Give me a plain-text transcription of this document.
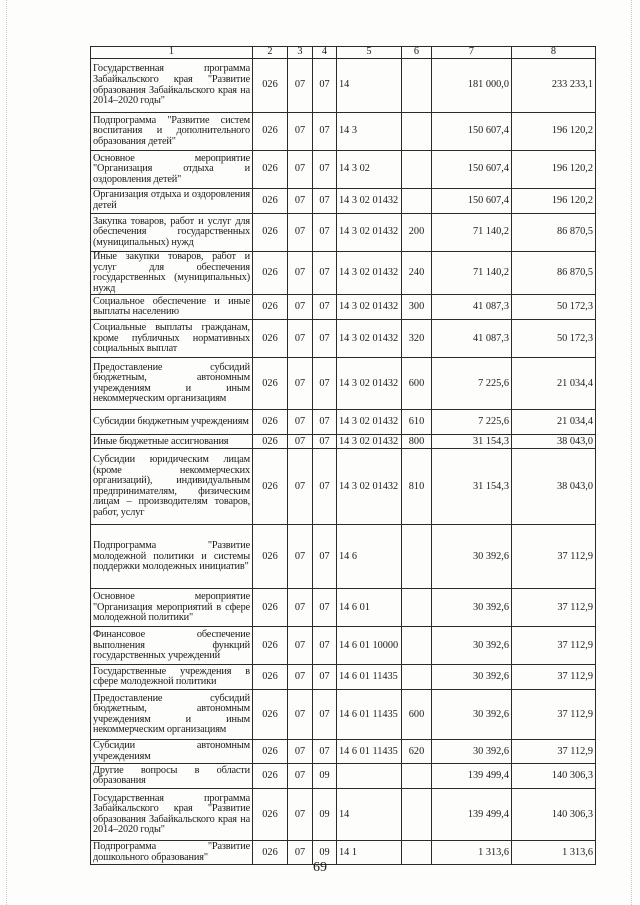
1	2	3	4	5	6	7	8
Государственная программа Забайкальского края "Развитие образования Забайкальского края на 2014–2020 годы"	026	07	07	14		181 000,0	233 233,1
Подпрограмма "Развитие систем воспитания и дополнительного образования детей"	026	07	07	14 3		150 607,4	196 120,2
Основное мероприятие "Организация отдыха и оздоровления детей"	026	07	07	14 3 02		150 607,4	196 120,2
Организация отдыха и оздоровления детей	026	07	07	14 3 02 01432		150 607,4	196 120,2
Закупка товаров, работ и услуг для обеспечения государственных (муниципальных) нужд	026	07	07	14 3 02 01432	200	71 140,2	86 870,5
Иные закупки товаров, работ и услуг для обеспечения государственных (муниципальных) нужд	026	07	07	14 3 02 01432	240	71 140,2	86 870,5
Социальное обеспечение и иные выплаты населению	026	07	07	14 3 02 01432	300	41 087,3	50 172,3
Социальные выплаты гражданам, кроме публичных нормативных социальных выплат	026	07	07	14 3 02 01432	320	41 087,3	50 172,3
Предоставление субсидий бюджетным, автономным учреждениям и иным некоммерческим организациям	026	07	07	14 3 02 01432	600	7 225,6	21 034,4
Субсидии бюджетным учреждениям	026	07	07	14 3 02 01432	610	7 225,6	21 034,4
Иные бюджетные ассигнования	026	07	07	14 3 02 01432	800	31 154,3	38 043,0
Субсидии юридическим лицам (кроме некоммерческих организаций), индивидуальным предпринимателям, физическим лицам – производителям товаров, работ, услуг	026	07	07	14 3 02 01432	810	31 154,3	38 043,0
Подпрограмма "Развитие молодежной политики и системы поддержки молодежных инициатив"	026	07	07	14 6		30 392,6	37 112,9
Основное мероприятие "Организация мероприятий в сфере молодежной политики"	026	07	07	14 6 01		30 392,6	37 112,9
Финансовое обеспечение выполнения функций государственных учреждений	026	07	07	14 6 01 10000		30 392,6	37 112,9
Государственные учреждения в сфере молодежной политики	026	07	07	14 6 01 11435		30 392,6	37 112,9
Предоставление субсидий бюджетным, автономным учреждениям и иным некоммерческим организациям	026	07	07	14 6 01 11435	600	30 392,6	37 112,9
Субсидии автономным учреждениям	026	07	07	14 6 01 11435	620	30 392,6	37 112,9
Другие вопросы в области образования	026	07	09			139 499,4	140 306,3
Государственная программа Забайкальского края "Развитие образования Забайкальского края на 2014–2020 годы"	026	07	09	14		139 499,4	140 306,3
Подпрограмма "Развитие дошкольного образования"	026	07	09	14 1		1 313,6	1 313,6
69
